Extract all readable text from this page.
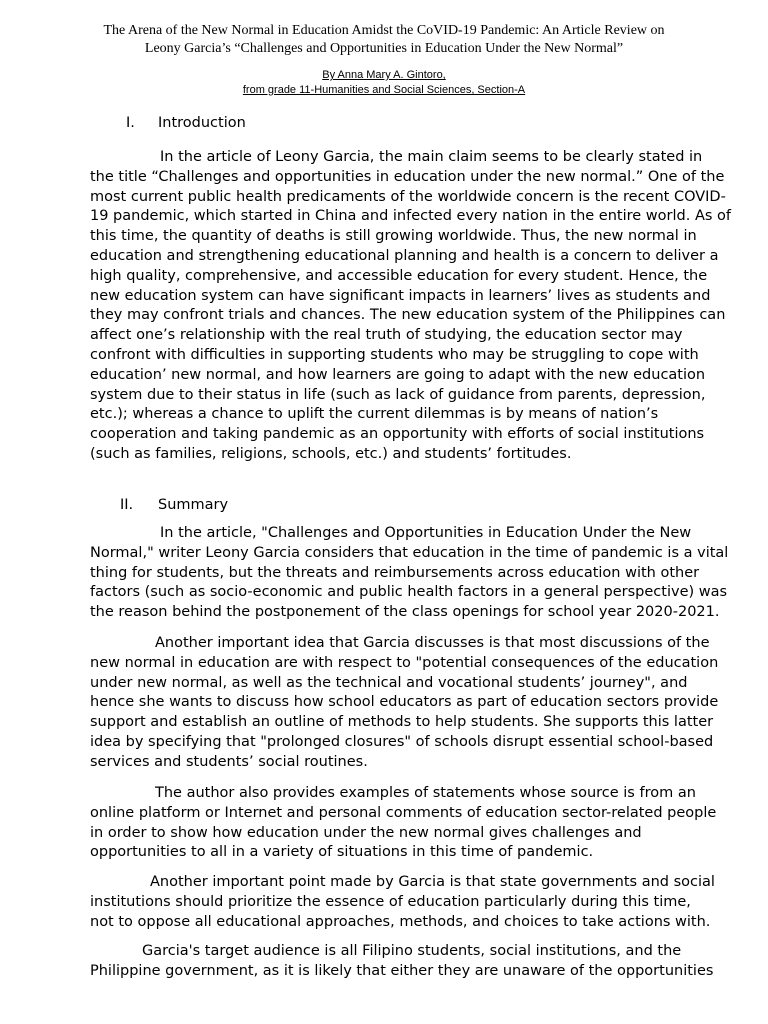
The Arena of the New Normal in Education Amidst the CoVID-19 Pandemic: An Article Review on
Leony Garcia’s “Challenges and Opportunities in Education Under the New Normal”
By Anna Mary A. Gintoro,
from grade 11-Humanities and Social Sciences, Section-A
I. Introduction
In the article of Leony Garcia, the main claim seems to be clearly stated in
the title “Challenges and opportunities in education under the new normal.” One of the
most current public health predicaments of the worldwide concern is the recent COVID-
19 pandemic, which started in China and infected every nation in the entire world. As of
this time, the quantity of deaths is still growing worldwide. Thus, the new normal in
education and strengthening educational planning and health is a concern to deliver a
high quality, comprehensive, and accessible education for every student. Hence, the
new education system can have significant impacts in learners’ lives as students and
they may confront trials and chances. The new education system of the Philippines can
affect one’s relationship with the real truth of studying, the education sector may
confront with difficulties in supporting students who may be struggling to cope with
education’ new normal, and how learners are going to adapt with the new education
system due to their status in life (such as lack of guidance from parents, depression,
etc.); whereas a chance to uplift the current dilemmas is by means of nation’s
cooperation and taking pandemic as an opportunity with efforts of social institutions
(such as families, religions, schools, etc.) and students’ fortitudes.
II. Summary
In the article, "Challenges and Opportunities in Education Under the New
Normal," writer Leony Garcia considers that education in the time of pandemic is a vital
thing for students, but the threats and reimbursements across education with other
factors (such as socio-economic and public health factors in a general perspective) was
the reason behind the postponement of the class openings for school year 2020-2021.
Another important idea that Garcia discusses is that most discussions of the
new normal in education are with respect to "potential consequences of the education
under new normal, as well as the technical and vocational students’ journey", and
hence she wants to discuss how school educators as part of education sectors provide
support and establish an outline of methods to help students. She supports this latter
idea by specifying that "prolonged closures" of schools disrupt essential school-based
services and students’ social routines.
The author also provides examples of statements whose source is from an
online platform or Internet and personal comments of education sector-related people
in order to show how education under the new normal gives challenges and
opportunities to all in a variety of situations in this time of pandemic.
Another important point made by Garcia is that state governments and social
institutions should prioritize the essence of education particularly during this time,
not to oppose all educational approaches, methods, and choices to take actions with.
Garcia's target audience is all Filipino students, social institutions, and the
Philippine government, as it is likely that either they are unaware of the opportunities
